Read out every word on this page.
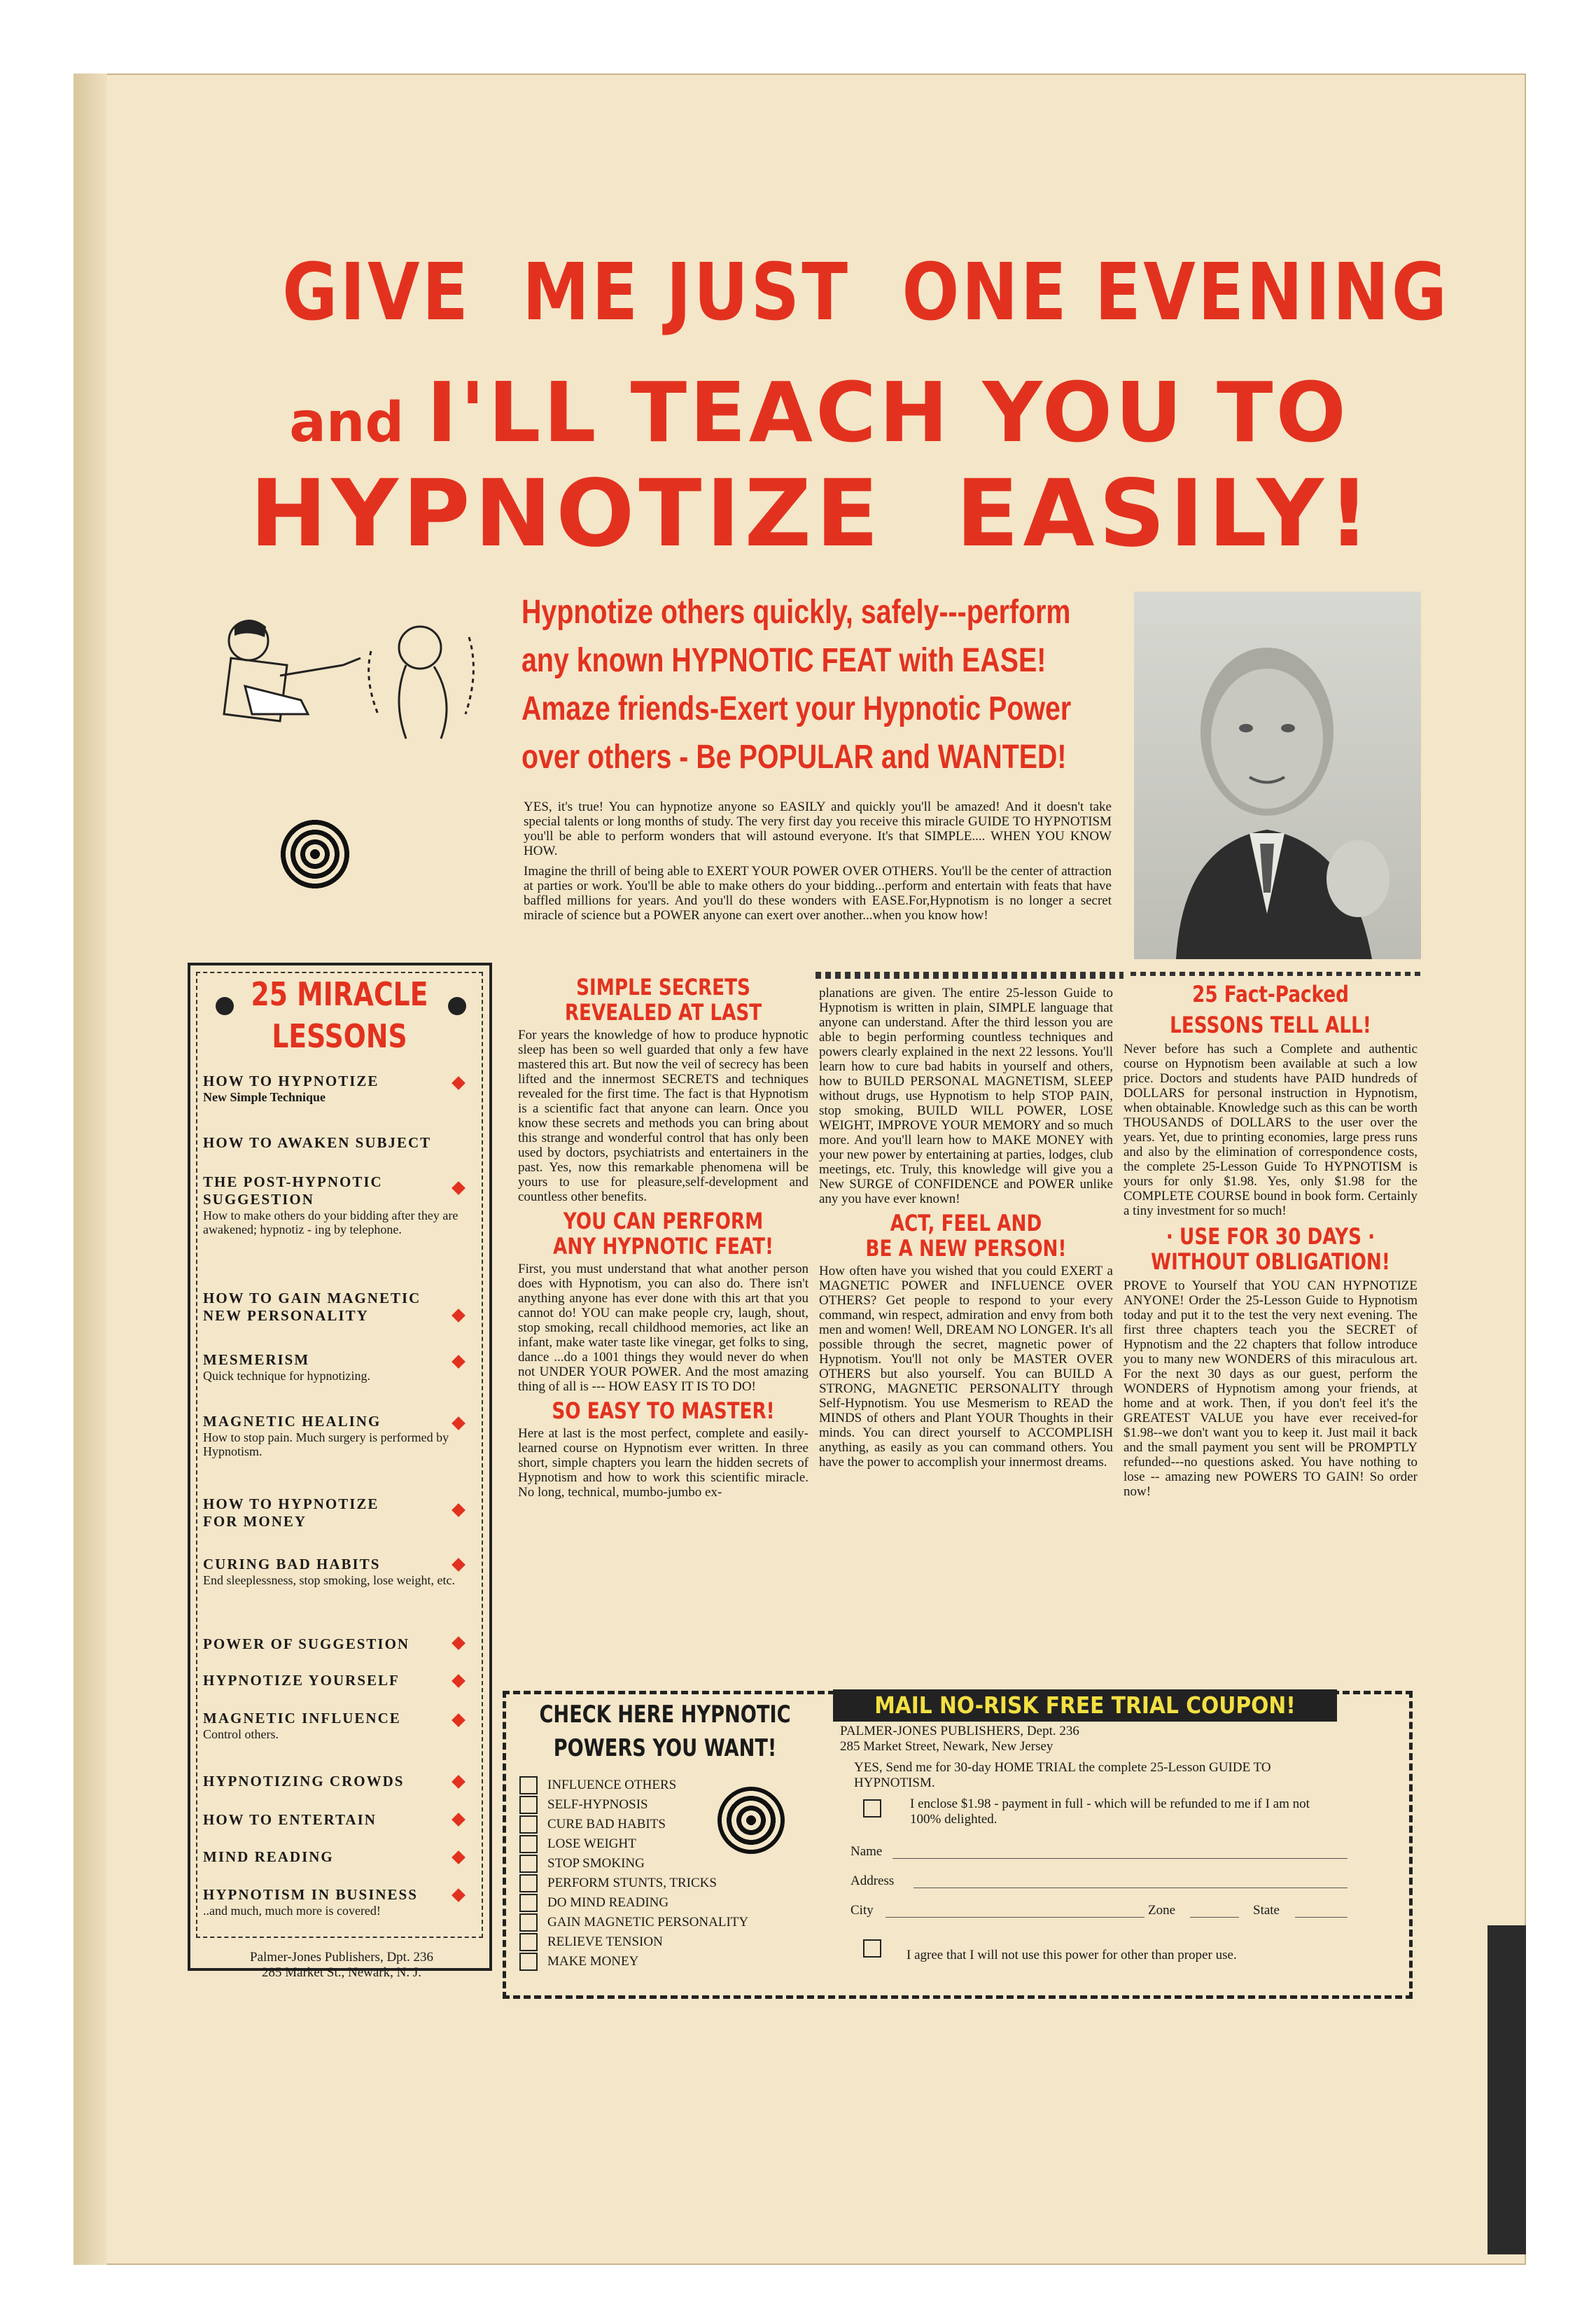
GIVE  ME JUST  ONE EVENING
and I'LL TEACH YOU TO
HYPNOTIZE  EASILY!
Hypnotize others quickly, safely---perform
any known HYPNOTIC FEAT with EASE!
Amaze friends-Exert your Hypnotic Power
over others - Be POPULAR and WANTED!

YES, it's true! You can hypnotize anyone so EASILY and quickly you'll be amazed! And it doesn't take special talents or long months of study. The very first day you receive this miracle GUIDE TO HYPNOTISM you'll be able to perform wonders that will astound everyone. It's that SIMPLE.... WHEN YOU KNOW HOW.

Imagine the thrill of being able to EXERT YOUR POWER OVER OTHERS. You'll be the center of attraction at parties or work. You'll be able to make others do your bidding...perform and entertain with feats that have baffled millions for years. And you'll do these wonders with EASE.For,Hypnotism is no longer a secret miracle of science but a POWER anyone can exert over another...when you know how!

25 MIRACLE
LESSONS
HOW TO HYPNOTIZE
New Simple Technique
HOW TO AWAKEN SUBJECT
THE POST-HYPNOTIC SUGGESTION
How to make others do your bidding after they are awakened; hypnotiz - ing by telephone.
HOW TO GAIN MAGNETIC NEW PERSONALITY
MESMERISM
Quick technique for hypnotizing.
MAGNETIC HEALING
How to stop pain. Much surgery is performed by Hypnotism.
HOW TO HYPNOTIZE FOR MONEY
CURING BAD HABITS
End sleeplessness, stop smoking, lose weight, etc.
POWER OF SUGGESTION
HYPNOTIZE YOURSELF
MAGNETIC INFLUENCE
Control others.
HYPNOTIZING CROWDS
HOW TO ENTERTAIN
MIND READING
HYPNOTISM IN BUSINESS
..and much, much more is covered!
Palmer-Jones Publishers, Dpt. 236
285 Market St., Newark, N. J.
SIMPLE SECRETS
REVEALED AT LAST

For years the knowledge of how to produce hypnotic sleep has been so well guarded that only a few have mastered this art. But now the veil of secrecy has been lifted and the innermost SECRETS and techniques revealed for the first time. The fact is that Hypnotism is a scientific fact that anyone can learn. Once you know these secrets and methods you can bring about this strange and wonderful control that has only been used by doctors, psychiatrists and entertainers in the past. Yes, now this remarkable phenomena will be yours to use for pleasure,self-development and countless other benefits.

YOU CAN PERFORM
ANY HYPNOTIC FEAT!

First, you must understand that what another person does with Hypnotism, you can also do. There isn't anything anyone has ever done with this art that you cannot do! YOU can make people cry, laugh, shout, stop smoking, recall childhood memories, act like an infant, make water taste like vinegar, get folks to sing, dance ...do a 1001 things they would never do when not UNDER YOUR POWER. And the most amazing thing of all is --- HOW EASY IT IS TO DO!

SO EASY TO MASTER!

Here at last is the most perfect, complete and easily-learned course on Hypnotism ever written. In three short, simple chapters you learn the hidden secrets of Hypnotism and how to work this scientific miracle. No long, technical, mumbo-jumbo ex-

planations are given. The entire 25-lesson Guide to Hypnotism is written in plain, SIMPLE language that anyone can understand. After the third lesson you are able to begin performing countless techniques and powers clearly explained in the next 22 lessons. You'll learn how to cure bad habits in yourself and others, how to BUILD PERSONAL MAGNETISM, SLEEP without drugs, use Hypnotism to help STOP PAIN, stop smoking, BUILD WILL POWER, LOSE WEIGHT, IMPROVE YOUR MEMORY and so much more. And you'll learn how to MAKE MONEY with your new power by entertaining at parties, lodges, club meetings, etc. Truly, this knowledge will give you a New SURGE of CONFIDENCE and POWER unlike any you have ever known!

ACT, FEEL AND
BE A NEW PERSON!

How often have you wished that you could EXERT a MAGNETIC POWER and INFLUENCE OVER OTHERS? Get people to respond to your every command, win respect, admiration and envy from both men and women! Well, DREAM NO LONGER. It's all possible through the secret, magnetic power of Hypnotism. You'll not only be MASTER OVER OTHERS but also yourself. You can BUILD A STRONG, MAGNETIC PERSONALITY through Self-Hypnotism. You use Mesmerism to READ the MINDS of others and Plant YOUR Thoughts in their minds. You can direct yourself to ACCOMPLISH anything, as easily as you can command others. You have the power to accomplish your innermost dreams.

25 Fact-Packed
LESSONS TELL ALL!

Never before has such a Complete and authentic course on Hypnotism been available at such a low price. Doctors and students have PAID hundreds of DOLLARS for personal instruction in Hypnotism, when obtainable. Knowledge such as this can be worth THOUSANDS of DOLLARS to the user over the years. Yet, due to printing economies, large press runs and also by the elimination of correspondence costs, the complete 25-Lesson Guide To HYPNOTISM is yours for only $1.98. Yes, only $1.98 for the COMPLETE COURSE bound in book form. Certainly a tiny investment for so much!

· USE FOR 30 DAYS ·
WITHOUT OBLIGATION!

PROVE to Yourself that YOU CAN HYPNOTIZE ANYONE! Order the 25-Lesson Guide to Hypnotism today and put it to the test the very next evening. The first three chapters teach you the SECRET of Hypnotism and the 22 chapters that follow introduce you to many new WONDERS of this miraculous art. For the next 30 days as our guest, perform the WONDERS of Hypnotism among your friends, at home and at work. Then, if you don't feel it's the GREATEST VALUE you have ever received-for $1.98--we don't want you to keep it. Just mail it back and the small payment you sent will be PROMPTLY refunded---no questions asked. You have nothing to lose -- amazing new POWERS TO GAIN! So order now!

MAIL NO-RISK FREE TRIAL COUPON!
CHECK HERE HYPNOTIC
POWERS YOU WANT!
INFLUENCE OTHERS
SELF-HYPNOSIS
CURE BAD HABITS
LOSE WEIGHT
STOP SMOKING
PERFORM STUNTS, TRICKS
DO MIND READING
GAIN MAGNETIC PERSONALITY
RELIEVE TENSION
MAKE MONEY
PALMER-JONES PUBLISHERS, Dept. 236
285 Market Street, Newark, New Jersey
YES, Send me for 30-day HOME TRIAL the complete 25-Lesson GUIDE TO HYPNOTISM.
I enclose $1.98 - payment in full - which will be refunded to me if I am not 100% delighted.
Name
Address
City	Zone	State
I agree that I will not use this power for other than proper use.
